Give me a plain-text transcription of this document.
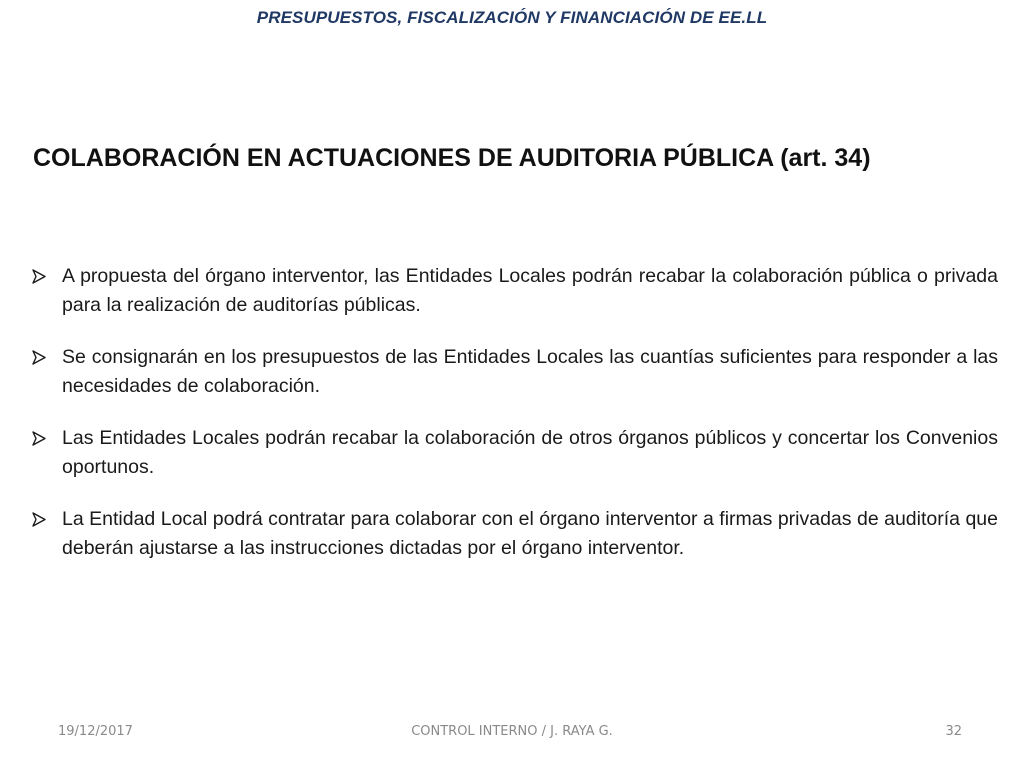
PRESUPUESTOS, FISCALIZACIÓN Y FINANCIACIÓN DE EE.LL
COLABORACIÓN EN ACTUACIONES DE AUDITORIA PÚBLICA (art. 34)
A propuesta del órgano interventor, las Entidades Locales podrán recabar la colaboración pública o privada para la realización de auditorías públicas.
Se consignarán en los presupuestos de las Entidades Locales las cuantías suficientes para responder a las necesidades de colaboración.
Las Entidades Locales podrán recabar la colaboración de otros órganos públicos y concertar los Convenios oportunos.
La Entidad Local podrá contratar para colaborar con el órgano interventor a firmas privadas de auditoría que deberán ajustarse a las instrucciones dictadas por el órgano interventor.
19/12/2017	CONTROL INTERNO / J. RAYA G.	32
